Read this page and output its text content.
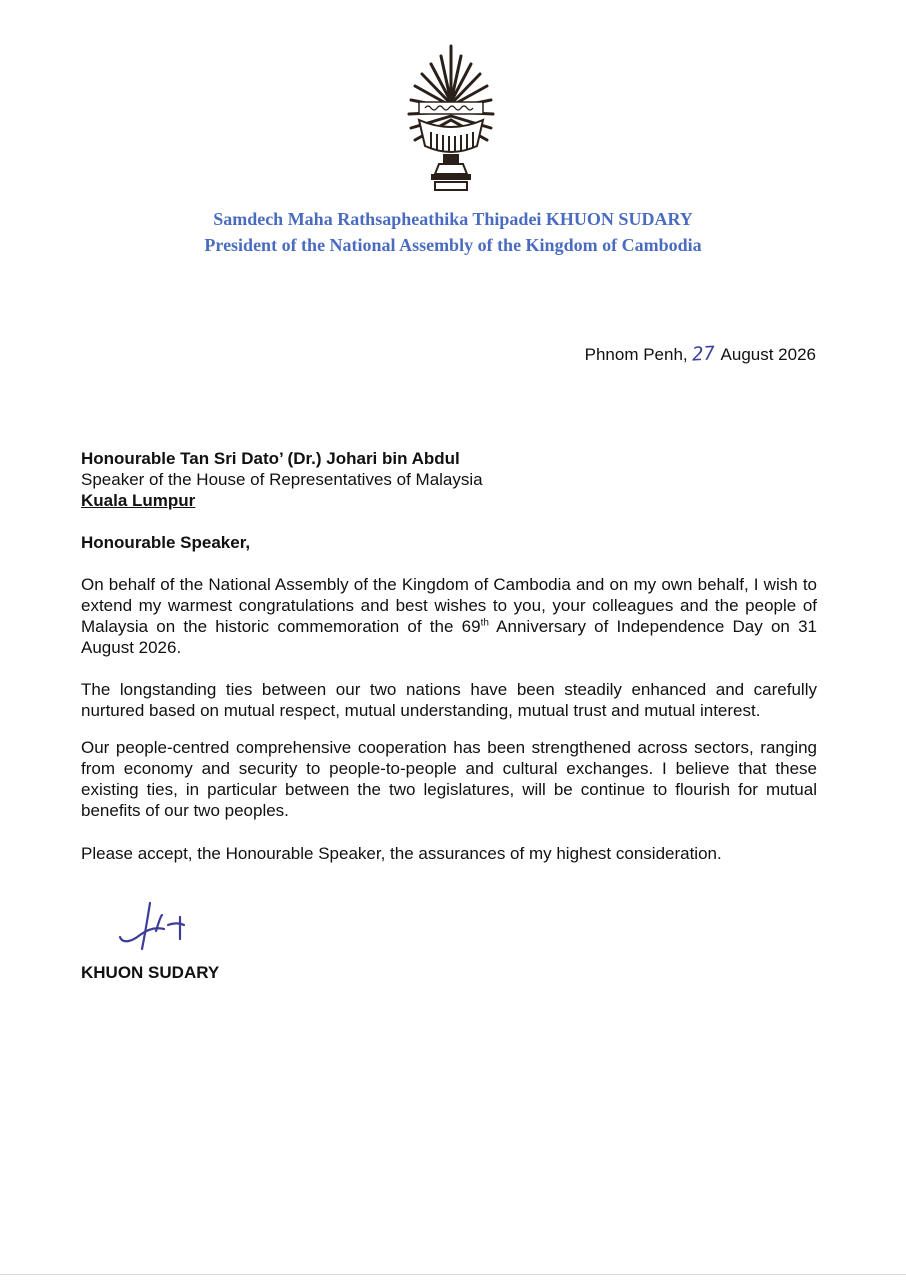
Samdech Maha Rathsapheathika Thipadei KHUON SUDARY
President of the National Assembly of the Kingdom of Cambodia
Phnom Penh, 27 August 2026
Honourable Tan Sri Dato’ (Dr.) Johari bin Abdul
Speaker of the House of Representatives of Malaysia
Kuala Lumpur
Honourable Speaker,
On behalf of the National Assembly of the Kingdom of Cambodia and on my own behalf, I wish to extend my warmest congratulations and best wishes to you, your colleagues and the people of Malaysia on the historic commemoration of the 69th Anniversary of Independence Day on 31 August 2026.
The longstanding ties between our two nations have been steadily enhanced and carefully nurtured based on mutual respect, mutual understanding, mutual trust and mutual interest.
Our people-centred comprehensive cooperation has been strengthened across sectors, ranging from economy and security to people-to-people and cultural exchanges. I believe that these existing ties, in particular between the two legislatures, will be continue to flourish for mutual benefits of our two peoples.
Please accept, the Honourable Speaker, the assurances of my highest consideration.
KHUON SUDARY
